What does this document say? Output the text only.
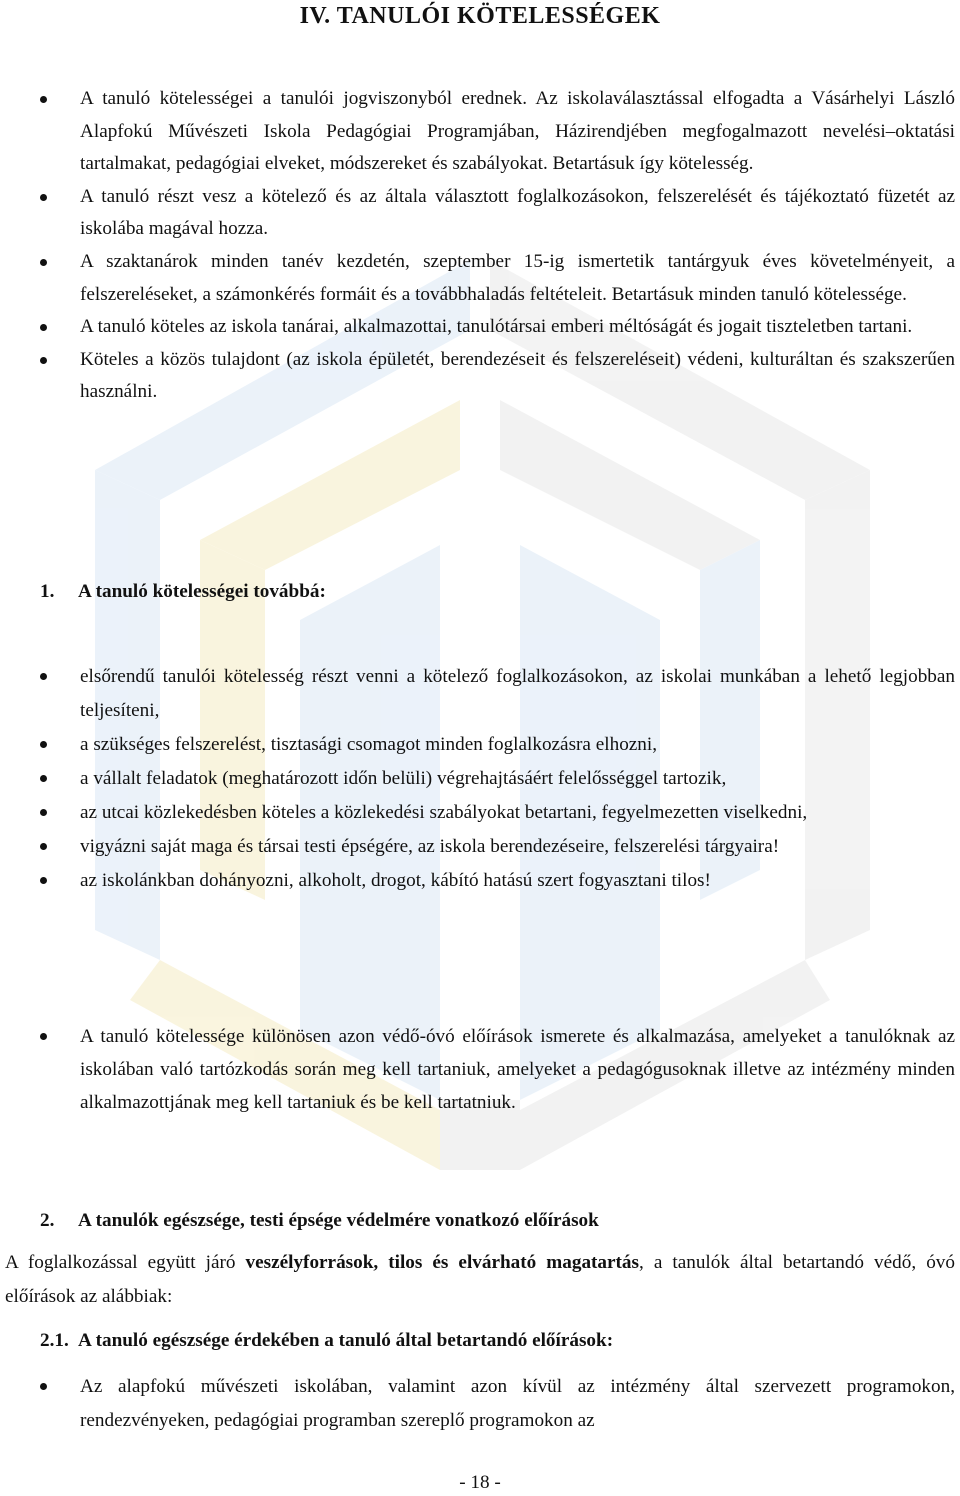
IV. TANULÓI KÖTELESSÉGEK
A tanuló kötelességei a tanulói jogviszonyból erednek. Az iskolaválasztással elfogadta a Vásárhelyi László Alapfokú Művészeti Iskola Pedagógiai Programjában, Házirendjében megfogalmazott nevelési–oktatási tartalmakat, pedagógiai elveket, módszereket és szabályokat. Betartásuk így kötelesség.
A tanuló részt vesz a kötelező és az általa választott foglalkozásokon, felszerelését és tájékoztató füzetét az iskolába magával hozza.
A szaktanárok minden tanév kezdetén, szeptember 15-ig ismertetik tantárgyuk éves követelményeit, a felszereléseket, a számonkérés formáit és a továbbhaladás feltételeit. Betartásuk minden tanuló kötelessége.
A tanuló köteles az iskola tanárai, alkalmazottai, tanulótársai emberi méltóságát és jogait tiszteletben tartani.
Köteles a közös tulajdont (az iskola épületét, berendezéseit és felszereléseit) védeni, kulturáltan és szakszerűen használni.
1. A tanuló kötelességei továbbá:
elsőrendű tanulói kötelesség részt venni a kötelező foglalkozásokon, az iskolai munkában a lehető legjobban teljesíteni,
a szükséges felszerelést, tisztasági csomagot minden foglalkozásra elhozni,
a vállalt feladatok (meghatározott időn belüli) végrehajtásáért felelősséggel tartozik,
az utcai közlekedésben köteles a közlekedési szabályokat betartani, fegyelmezetten viselkedni,
vigyázni saját maga és társai testi épségére, az iskola berendezéseire, felszerelési tárgyaira!
az iskolánkban dohányozni, alkoholt, drogot, kábító hatású szert fogyasztani tilos!
A tanuló kötelessége különösen azon védő-óvó előírások ismerete és alkalmazása, amelyeket a tanulóknak az iskolában való tartózkodás során meg kell tartaniuk, amelyeket a pedagógusoknak illetve az intézmény minden alkalmazottjának meg kell tartaniuk és be kell tartatniuk.
2. A tanulók egészsége, testi épsége védelmére vonatkozó előírások

A foglalkozással együtt járó veszélyforrások, tilos és elvárható magatartás, a tanulók által betartandó védő, óvó előírások az alábbiak:

2.1. A tanuló egészsége érdekében a tanuló által betartandó előírások:
Az alapfokú művészeti iskolában, valamint azon kívül az intézmény által szervezett programokon, rendezvényeken, pedagógiai programban szereplő programokon az
- 18 -
